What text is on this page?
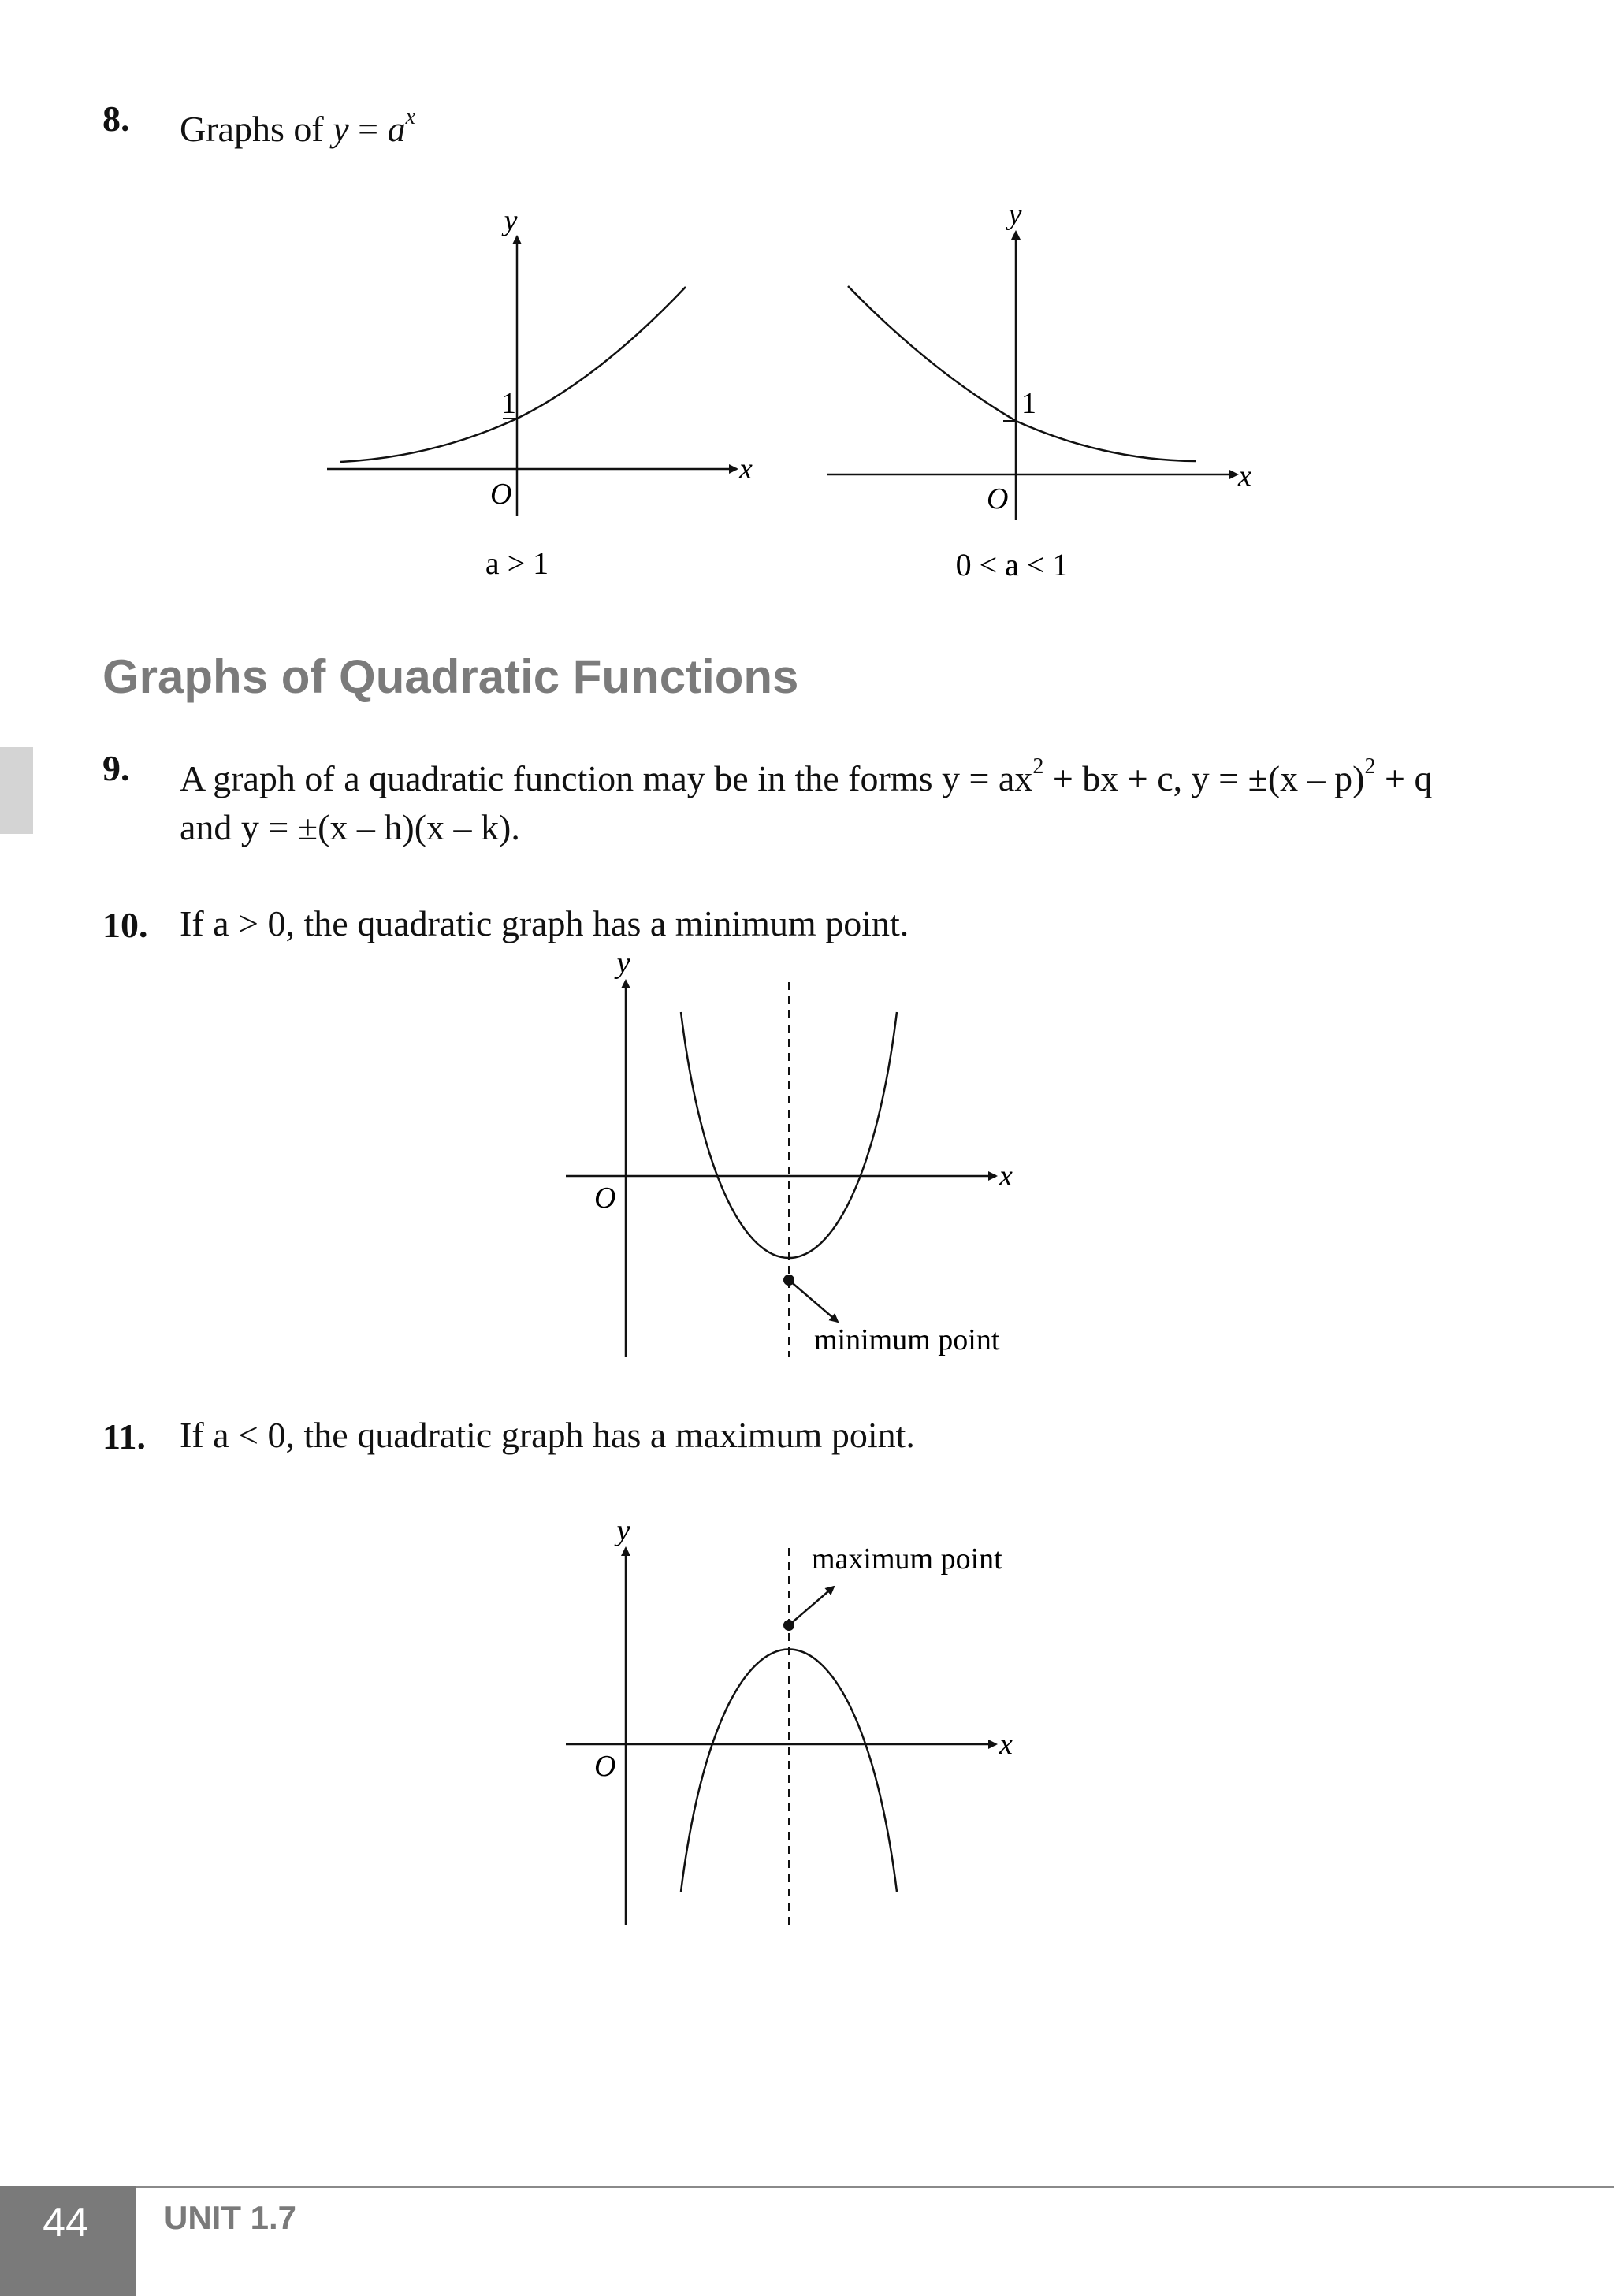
8. Graphs of $y = a^x$
y
x
O
1
a > 1
y
x
O
1
0 < a < 1
Graphs of Quadratic Functions
9. A graph of a quadratic function may be in the forms $y = ax^2$ + bx + c, y = ±(x – p)$^2$ + q
and y = ±(x – h)(x – k).
10. If a > 0, the quadratic graph has a minimum point.
y
x
O
minimum point
11. If a < 0, the quadratic graph has a maximum point.
y
x
O
maximum point
44	UNIT 1.7
